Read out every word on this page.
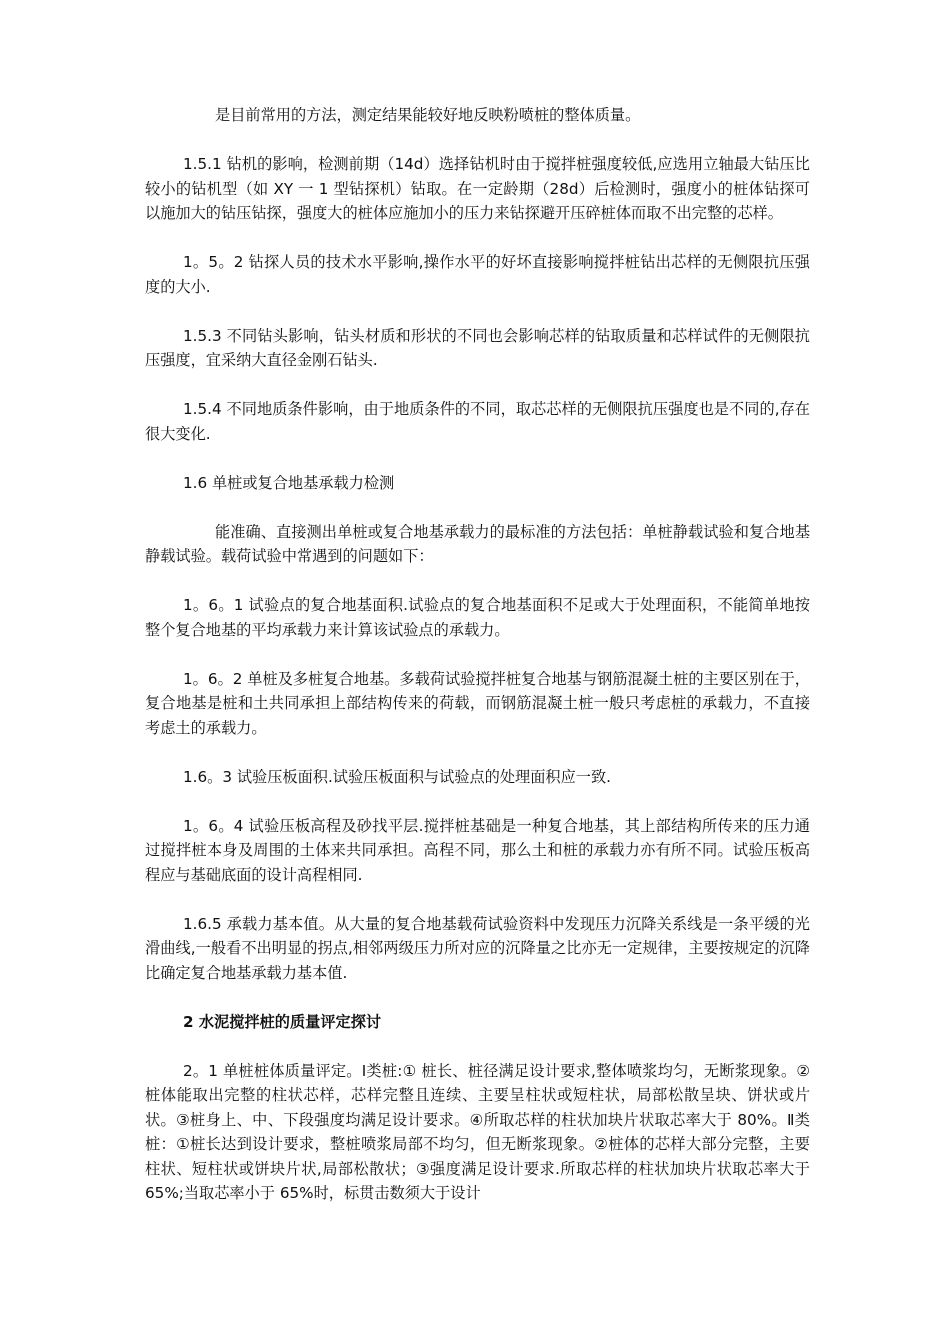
是目前常用的方法，测定结果能较好地反映粉喷桩的整体质量。

1.5.1 钻机的影响，检测前期（14d）选择钻机时由于搅拌桩强度较低,应选用立轴最大钻压比较小的钻机型（如 XY 一 1 型钻探机）钻取。在一定龄期（28d）后检测时，强度小的桩体钻探可以施加大的钻压钻探，强度大的桩体应施加小的压力来钻探避开压碎桩体而取不出完整的芯样。

1。5。2 钻探人员的技术水平影响,操作水平的好坏直接影响搅拌桩钻出芯样的无侧限抗压强度的大小.

1.5.3 不同钻头影响，钻头材质和形状的不同也会影响芯样的钻取质量和芯样试件的无侧限抗压强度，宜采纳大直径金刚石钻头.

1.5.4 不同地质条件影响，由于地质条件的不同，取芯芯样的无侧限抗压强度也是不同的,存在很大变化.

1.6 单桩或复合地基承载力检测

能准确、直接测出单桩或复合地基承载力的最标准的方法包括：单桩静载试验和复合地基静载试验。载荷试验中常遇到的问题如下：

1。6。1 试验点的复合地基面积.试验点的复合地基面积不足或大于处理面积，不能简单地按整个复合地基的平均承载力来计算该试验点的承载力。

1。6。2 单桩及多桩复合地基。多载荷试验搅拌桩复合地基与钢筋混凝土桩的主要区别在于，复合地基是桩和土共同承担上部结构传来的荷载，而钢筋混凝土桩一般只考虑桩的承载力，不直接考虑土的承载力。

1.6。3 试验压板面积.试验压板面积与试验点的处理面积应一致.

1。6。4 试验压板高程及砂找平层.搅拌桩基础是一种复合地基，其上部结构所传来的压力通过搅拌桩本身及周围的土体来共同承担。高程不同，那么土和桩的承载力亦有所不同。试验压板高程应与基础底面的设计高程相同.

1.6.5 承载力基本值。从大量的复合地基载荷试验资料中发现压力沉降关系线是一条平缓的光滑曲线,一般看不出明显的拐点,相邻两级压力所对应的沉降量之比亦无一定规律，主要按规定的沉降比确定复合地基承载力基本值.

2 水泥搅拌桩的质量评定探讨

2。1 单桩桩体质量评定。Ⅰ类桩:① 桩长、桩径满足设计要求,整体喷浆均匀，无断浆现象。②桩体能取出完整的柱状芯样，芯样完整且连续、主要呈柱状或短柱状，局部松散呈块、饼状或片状。③桩身上、中、下段强度均满足设计要求。④所取芯样的柱状加块片状取芯率大于 80%。Ⅱ类桩：①桩长达到设计要求，整桩喷浆局部不均匀，但无断浆现象。②桩体的芯样大部分完整，主要柱状、短柱状或饼块片状,局部松散状；③强度满足设计要求.所取芯样的柱状加块片状取芯率大于 65%;当取芯率小于 65%时，标贯击数须大于设计
